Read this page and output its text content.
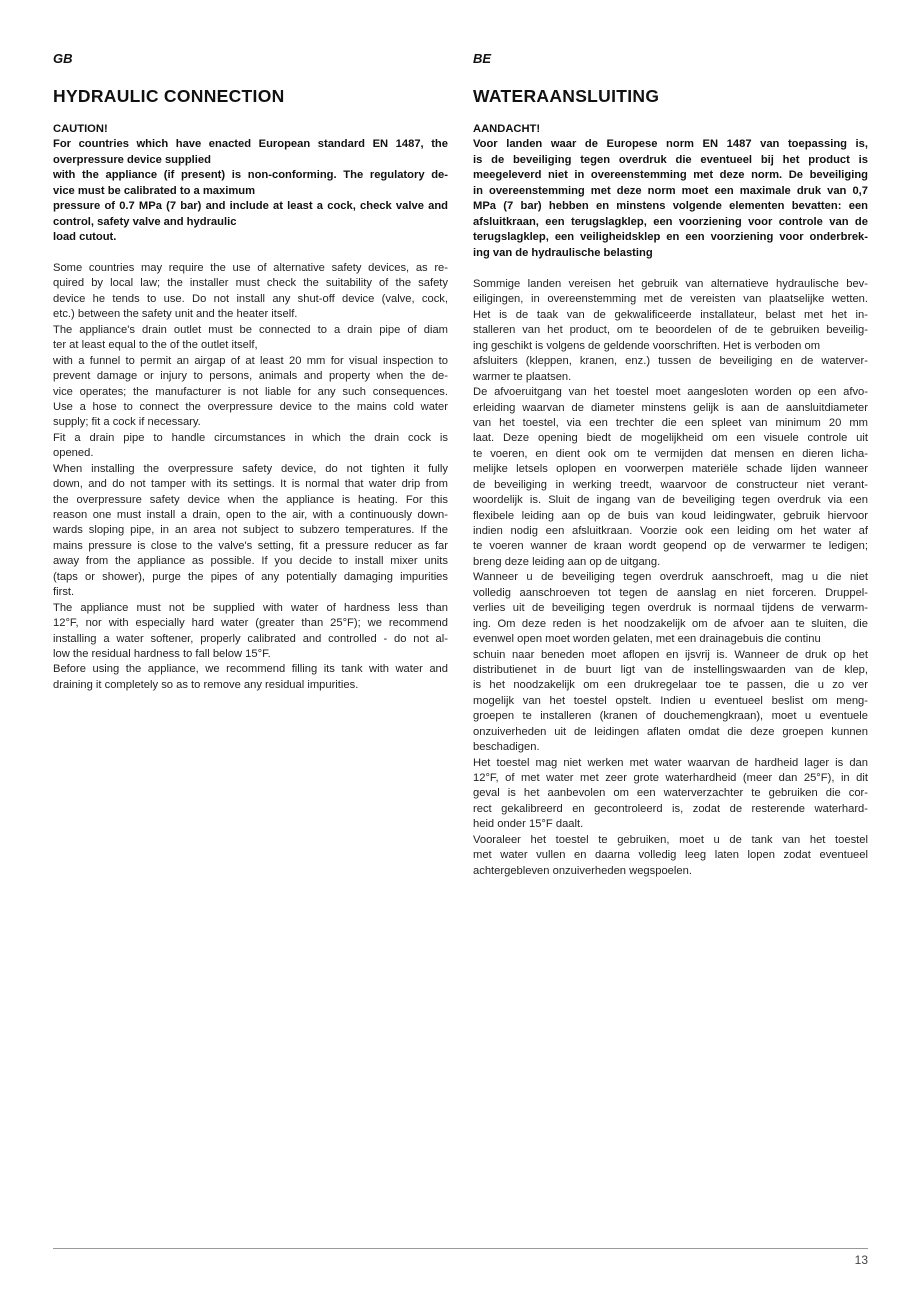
GB
HYDRAULIC CONNECTION
CAUTION!
For countries which have enacted European standard EN 1487, the
overpressure device supplied
with the appliance (if present) is non-conforming. The regulatory de-
vice must be calibrated to a maximum
pressure of 0.7 MPa (7 bar) and include at least a cock, check valve and
control, safety valve and hydraulic
load cutout.
Some countries may require the use of alternative safety devices, as re-
quired by local law; the installer must check the suitability of the safety
device he tends to use. Do not install any shut-off device (valve, cock,
etc.) between the safety unit and the heater itself.
The appliance's drain outlet must be connected to a drain pipe of diam
ter at least equal to the of the outlet itself,
with a funnel to permit an airgap of at least 20 mm for visual inspection to
prevent damage or injury to persons, animals and property when the de-
vice operates; the manufacturer is not liable for any such consequences.
Use a hose to connect the overpressure device to the mains cold water
supply; fit a cock if necessary.
Fit a drain pipe to handle circumstances in which the drain cock is
opened.
When installing the overpressure safety device, do not tighten it fully
down, and do not tamper with its settings. It is normal that water drip from
the overpressure safety device when the appliance is heating. For this
reason one must install a drain, open to the air, with a continuously down-
wards sloping pipe, in an area not subject to subzero temperatures. If the
mains pressure is close to the valve's setting, fit a pressure reducer as far
away from the appliance as possible. If you decide to install mixer units
(taps or shower), purge the pipes of any potentially damaging impurities
first.
The appliance must not be supplied with water of hardness less than
12°F, nor with especially hard water (greater than 25°F); we recommend
installing a water softener, properly calibrated and controlled - do not al-
low the residual hardness to fall below 15°F.
Before using the appliance, we recommend filling its tank with water and
draining it completely so as to remove any residual impurities.
BE
WATERAANSLUITING
AANDACHT!
Voor landen waar de Europese norm EN 1487 van toepassing is,
is de beveiliging tegen overdruk die eventueel bij het product is
meegeleverd niet in overeenstemming met deze norm. De beveiliging
in overeenstemming met deze norm moet een maximale druk van 0,7
MPa (7 bar) hebben en minstens volgende elementen bevatten: een
afsluitkraan, een terugslagklep, een voorziening voor controle van de
terugslagklep, een veiligheidsklep en een voorziening voor onderbrek-
ing van de hydraulische belasting
Sommige landen vereisen het gebruik van alternatieve hydraulische bev-
eiligingen, in overeenstemming met de vereisten van plaatselijke wetten.
Het is de taak van de gekwalificeerde installateur, belast met het in-
stalleren van het product, om te beoordelen of de te gebruiken beveilig-
ing geschikt is volgens de geldende voorschriften. Het is verboden om
afsluiters (kleppen, kranen, enz.) tussen de beveiliging en de waterver-
warmer te plaatsen.
De afvoeruitgang van het toestel moet aangesloten worden op een afvo-
erleiding waarvan de diameter minstens gelijk is aan de aansluitdiameter
van het toestel, via een trechter die een spleet van minimum 20 mm
laat. Deze opening biedt de mogelijkheid om een visuele controle uit
te voeren, en dient ook om te vermijden dat mensen en dieren licha-
melijke letsels oplopen en voorwerpen materiële schade lijden wanneer
de beveiliging in werking treedt, waarvoor de constructeur niet verant-
woordelijk is. Sluit de ingang van de beveiliging tegen overdruk via een
flexibele leiding aan op de buis van koud leidingwater, gebruik hiervoor
indien nodig een afsluitkraan. Voorzie ook een leiding om het water af
te voeren wanner de kraan wordt geopend op de verwarmer te ledigen;
breng deze leiding aan op de uitgang.
Wanneer u de beveiliging tegen overdruk aanschroeft, mag u die niet
volledig aanschroeven tot tegen de aanslag en niet forceren. Druppel-
verlies uit de beveiliging tegen overdruk is normaal tijdens de verwarm-
ing. Om deze reden is het noodzakelijk om de afvoer aan te sluiten, die
evenwel open moet worden gelaten, met een drainagebuis die continu
schuin naar beneden moet aflopen en ijsvrij is. Wanneer de druk op het
distributienet in de buurt ligt van de instellingswaarden van de klep,
is het noodzakelijk om een drukregelaar toe te passen, die u zo ver
mogelijk van het toestel opstelt. Indien u eventueel beslist om meng-
groepen te installeren (kranen of douchemengkraan), moet u eventuele
onzuiverheden uit de leidingen aflaten omdat die deze groepen kunnen
beschadigen.
Het toestel mag niet werken met water waarvan de hardheid lager is dan
12°F, of met water met zeer grote waterhardheid (meer dan 25°F), in dit
geval is het aanbevolen om een waterverzachter te gebruiken die cor-
rect gekalibreerd en gecontroleerd is, zodat de resterende waterhard-
heid onder 15°F daalt.
Vooraleer het toestel te gebruiken, moet u de tank van het toestel
met water vullen en daarna volledig leeg laten lopen zodat eventueel
achtergebleven onzuiverheden wegspoelen.
13
